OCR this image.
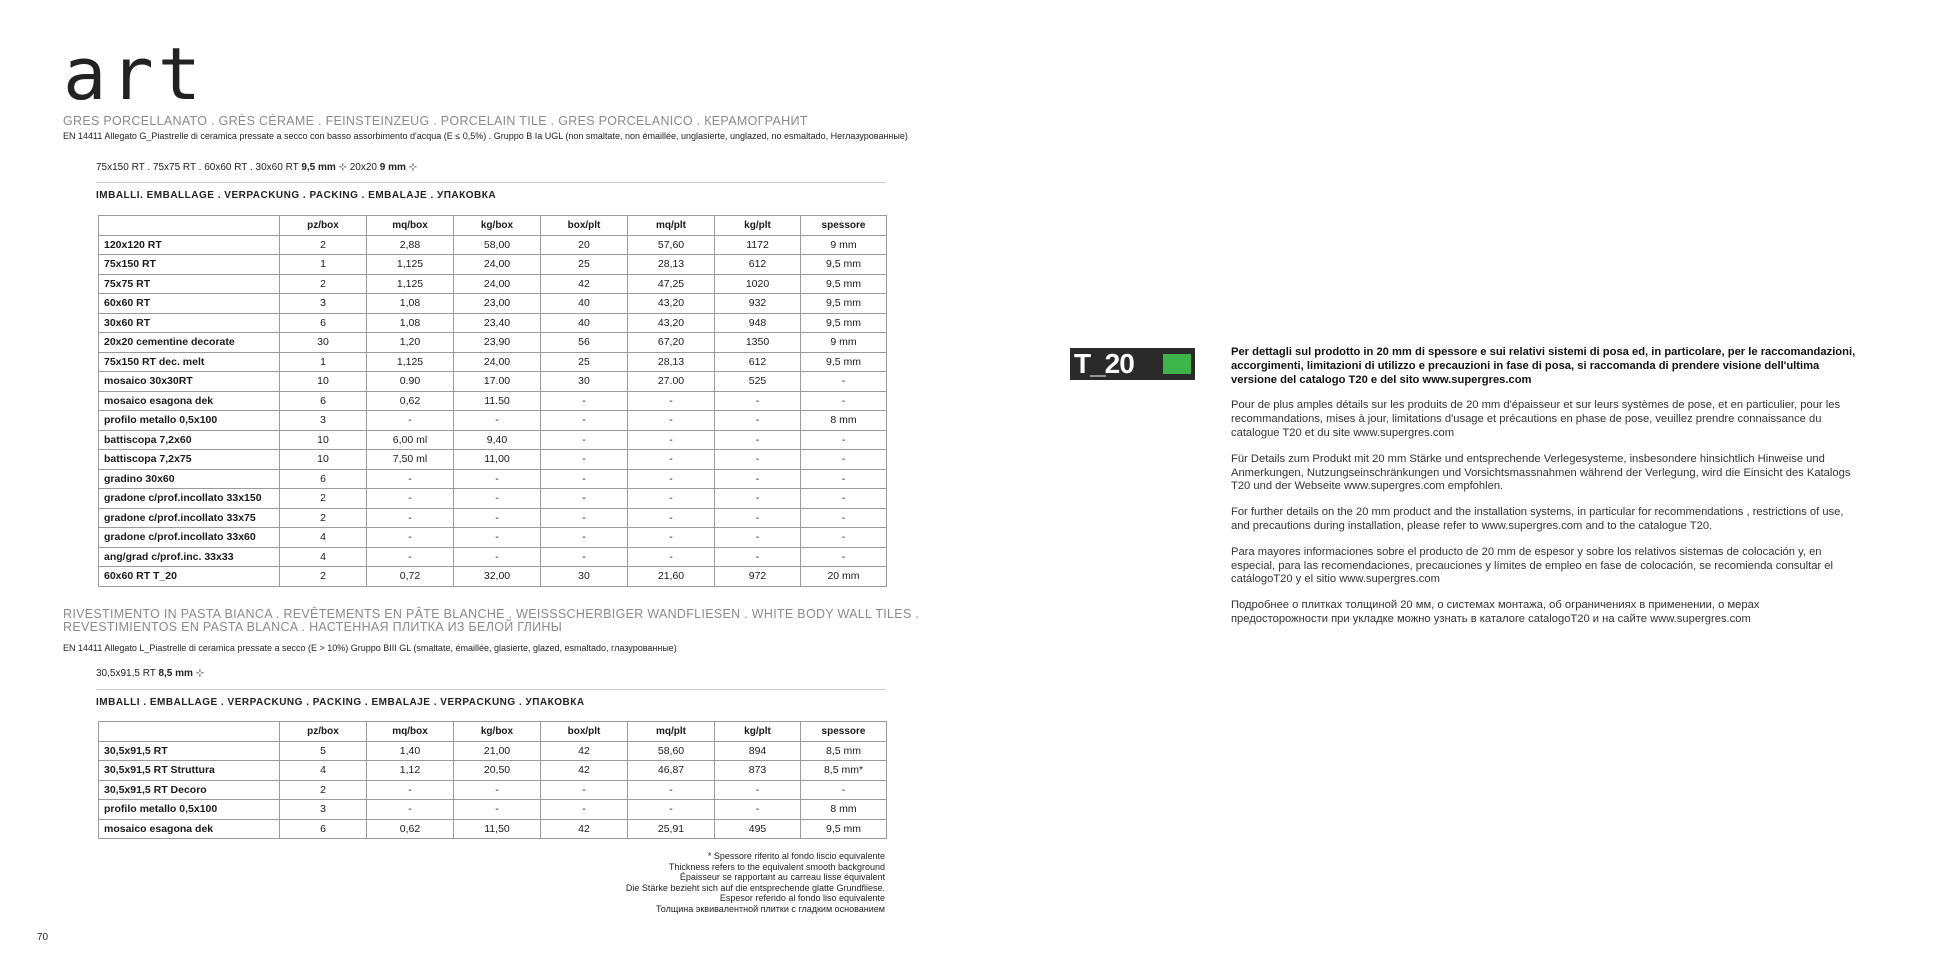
art
GRES PORCELLANATO . GRÈS CÉRAME . FEINSTEINZEUG . PORCELAIN TILE . GRES PORCELANICO . КЕРАМОГРАНИТ
EN 14411 Allegato G_Piastrelle di ceramica pressate a secco con basso assorbimento d'acqua (E ≤ 0,5%) . Gruppo B Ia UGL (non smaltate, non émaillée, unglasierte, unglazed, no esmaltado, Неглазурованные)
75x150 RT . 75x75 RT . 60x60 RT . 30x60 RT 9,5 mm ⊹ 20x20 9 mm ⊹
IMBALLI. EMBALLAGE . VERPACKUNG . PACKING . EMBALAJE . УПАКОВКА
	pz/box	mq/box	kg/box	box/plt	mq/plt	kg/plt	spessore
120x120 RT	2	2,88	58,00	20	57,60	1172	9 mm
75x150 RT	1	1,125	24,00	25	28,13	612	9,5 mm
75x75 RT	2	1,125	24,00	42	47,25	1020	9,5 mm
60x60 RT	3	1,08	23,00	40	43,20	932	9,5 mm
30x60 RT	6	1,08	23,40	40	43,20	948	9,5 mm
20x20 cementine decorate	30	1,20	23,90	56	67,20	1350	9 mm
75x150 RT dec. melt	1	1,125	24,00	25	28,13	612	9,5 mm
mosaico 30x30RT	10	0.90	17.00	30	27.00	525	-
mosaico esagona dek	6	0,62	11.50	-	-	-	-
profilo metallo 0,5x100	3	-	-	-	-	-	8 mm
battiscopa 7,2x60	10	6,00 ml	9,40	-	-	-	-
battiscopa 7,2x75	10	7,50 ml	11,00	-	-	-	-
gradino 30x60	6	-	-	-	-	-	-
gradone c/prof.incollato 33x150	2	-	-	-	-	-	-
gradone c/prof.incollato 33x75	2	-	-	-	-	-	-
gradone c/prof.incollato 33x60	4	-	-	-	-	-	-
ang/grad c/prof.inc. 33x33	4	-	-	-	-	-	-
60x60 RT T_20	2	0,72	32,00	30	21,60	972	20 mm
RIVESTIMENTO IN PASTA BIANCA . REVÊTEMENTS EN PÂTE BLANCHE . WEISSSCHERBIGER WANDFLIESEN . WHITE BODY WALL TILES .
REVESTIMIENTOS EN PASTA BLANCA . НАСТЕННАЯ ПЛИТКА ИЗ БЕЛОЙ ГЛИНЫ
EN 14411 Allegato L_Piastrelle di ceramica pressate a secco (E > 10%) Gruppo BIII GL (smaltate, émaillée, glasierte, glazed, esmaltado, глазурованные)
30,5x91,5 RT 8,5 mm ⊹
IMBALLI . EMBALLAGE . VERPACKUNG . PACKING . EMBALAJE . VERPACKUNG . УПАКОВКА
	pz/box	mq/box	kg/box	box/plt	mq/plt	kg/plt	spessore
30,5x91,5 RT	5	1,40	21,00	42	58,60	894	8,5 mm
30,5x91,5 RT Struttura	4	1,12	20,50	42	46,87	873	8,5 mm*
30,5x91,5 RT Decoro	2	-	-	-	-	-	-
profilo metallo 0,5x100	3	-	-	-	-	-	8 mm
mosaico esagona dek	6	0,62	11,50	42	25,91	495	9,5 mm
* Spessore riferito al fondo liscio equivalente
Thickness refers to the equivalent smooth background
Épaisseur se rapportant au carreau lisse équivalent
Die Stärke bezieht sich auf die entsprechende glatte Grundfliese.
Espesor referido al fondo liso equivalente
Толщина эквивалентной плитки с гладким основанием
70
T_20	Per dettagli sul prodotto in 20 mm di spessore e sui relativi sistemi di posa ed, in particolare, per le raccomandazioni, accorgimenti, limitazioni di utilizzo e precauzioni in fase di posa, si raccomanda di prendere visione dell'ultima versione del catalogo T20 e del sito www.supergres.com

Pour de plus amples détails sur les produits de 20 mm d'épaisseur et sur leurs systèmes de pose, et en particulier, pour les recommandations, mises à jour, limitations d'usage et précautions en phase de pose, veuillez prendre connaissance du catalogue T20 et du site www.supergres.com

Für Details zum Produkt mit 20 mm Stärke und entsprechende Verlegesysteme, insbesondere hinsichtlich Hinweise und Anmerkungen, Nutzungseinschränkungen und Vorsichtsmassnahmen während der Verlegung, wird die Einsicht des Katalogs T20 und der Webseite www.supergres.com empfohlen.

For further details on the 20 mm product and the installation systems, in particular for recommendations , restrictions of use, and precautions during installation, please refer to www.supergres.com and to the catalogue T20.

Para mayores informaciones sobre el producto de 20 mm de espesor y sobre los relativos sistemas de colocación y, en especial, para las recomendaciones, precauciones y límites de empleo en fase de colocación, se recomienda consultar el catálogoT20 y el sitio www.supergres.com

Подробнее о плитках толщиной 20 мм, о системах монтажа, об ограничениях в применении, о мерах предосторожности при укладке можно узнать в каталоге catalogoT20 и на сайте www.supergres.com
